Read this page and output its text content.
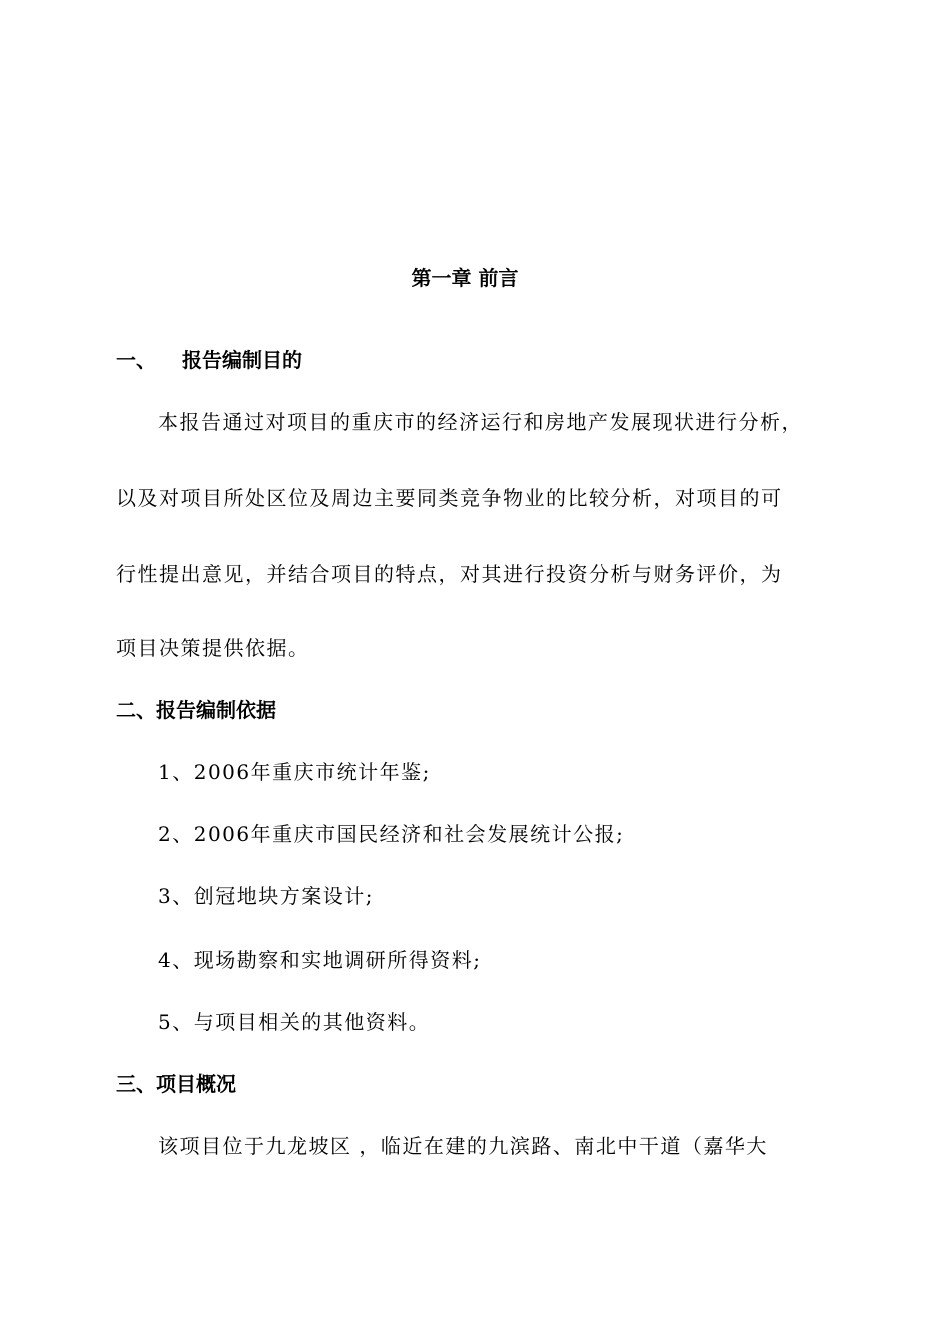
第一章 前言
一、 报告编制目的
本报告通过对项目的重庆市的经济运行和房地产发展现状进行分析，
以及对项目所处区位及周边主要同类竞争物业的比较分析，对项目的可
行性提出意见，并结合项目的特点，对其进行投资分析与财务评价，为
项目决策提供依据。
二、报告编制依据
1、2006年重庆市统计年鉴;
2、2006年重庆市国民经济和社会发展统计公报;
3、创冠地块方案设计;
4、现场勘察和实地调研所得资料;
5、与项目相关的其他资料。
三、项目概况
该项目位于九龙坡区 ，临近在建的九滨路、南北中干道（嘉华大
